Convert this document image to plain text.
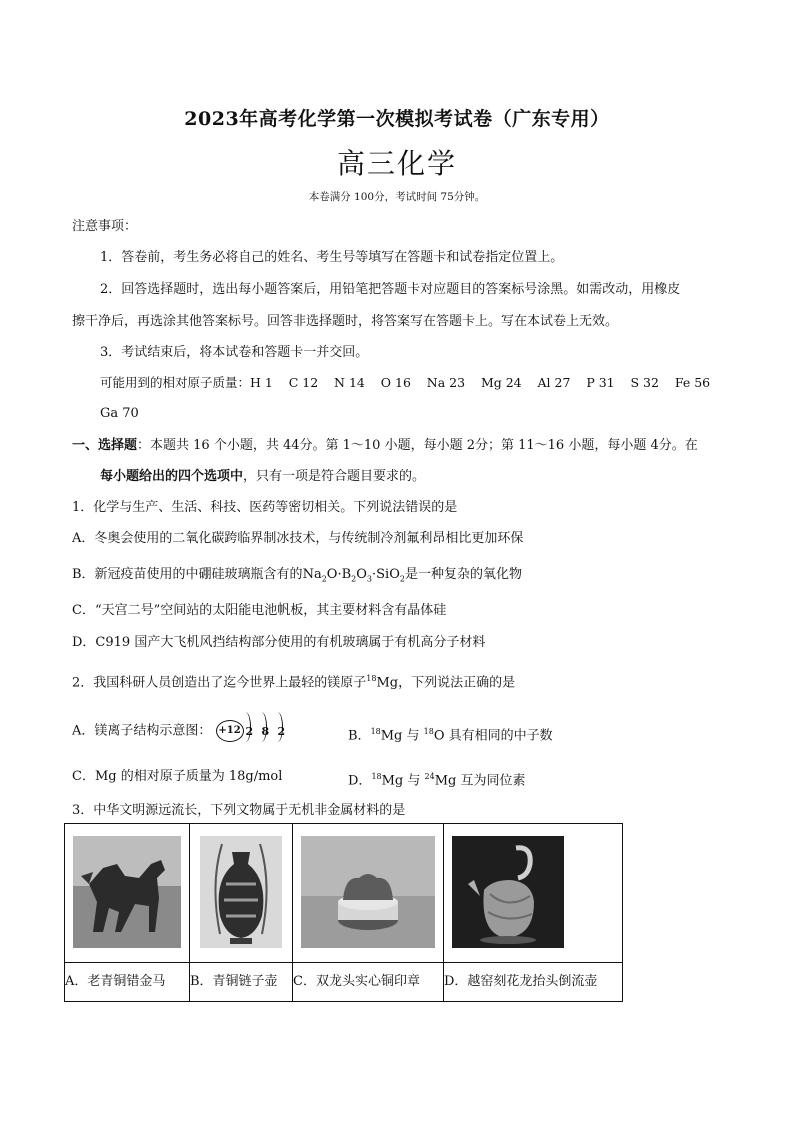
2023年高考化学第一次模拟考试卷（广东专用）
高三化学
本卷满分 100分，考试时间 75分钟。
注意事项：
1．答卷前，考生务必将自己的姓名、考生号等填写在答题卡和试卷指定位置上。
2．回答选择题时，选出每小题答案后，用铅笔把答题卡对应题目的答案标号涂黑。如需改动，用橡皮
擦干净后，再选涂其他答案标号。回答非选择题时，将答案写在答题卡上。写在本试卷上无效。
3．考试结束后，将本试卷和答题卡一并交回。
可能用到的相对原子质量：H 1    C 12    N 14    O 16    Na 23    Mg 24    Al 27    P 31    S 32    Fe 56
Ga 70
一、选择题：本题共 16 个小题，共 44分。第 1～10 小题，每小题 2分；第 11～16 小题，每小题 4分。在
每小题给出的四个选项中，只有一项是符合题目要求的。
1．化学与生产、生活、科技、医药等密切相关。下列说法错误的是
A．冬奥会使用的二氧化碳跨临界制冰技术，与传统制冷剂氟利昂相比更加环保
B．新冠疫苗使用的中硼硅玻璃瓶含有的$Na_2O\cdot B_2O_3\cdot SiO_2$是一种复杂的氧化物
C．“天宫二号”空间站的太阳能电池帆板，其主要材料含有晶体硅
D．C919 国产大飞机风挡结构部分使用的有机玻璃属于有机高分子材料
2．我国科研人员创造出了迄今世界上最轻的镁原子$^{18}$Mg，下列说法正确的是
A．镁离子结构示意图： +12 2 8 2	B．$^{18}$Mg 与 $^{18}$O 具有相同的中子数
C．Mg 的相对原子质量为 18g/mol	D．$^{18}$Mg 与 $^{24}$Mg 互为同位素
3．中华文明源远流长，下列文物属于无机非金属材料的是

A．老青铜错金马	B．青铜链子壶	C．双龙头实心铜印章	D．越窑刻花龙抬头倒流壶
